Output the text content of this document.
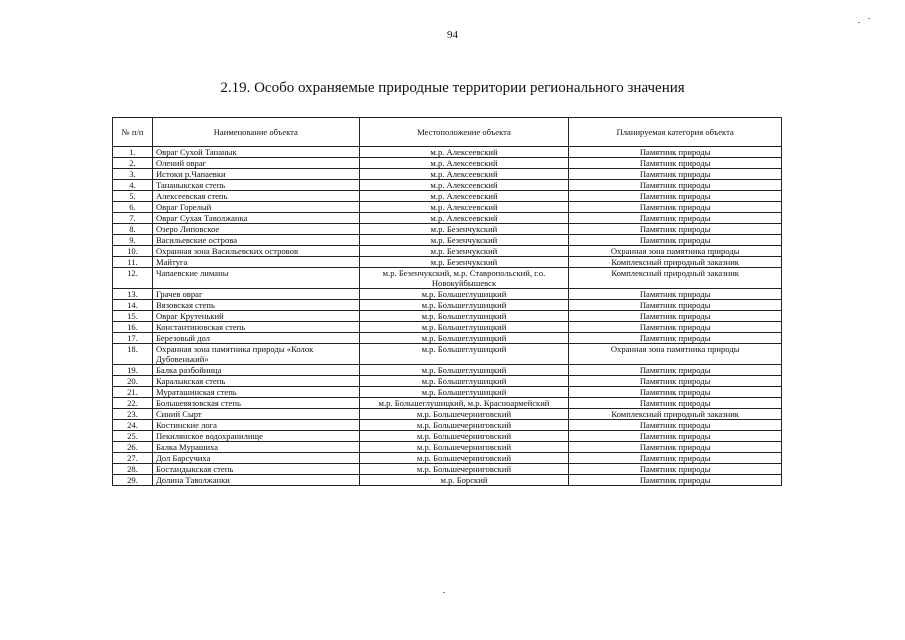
94
2.19. Особо охраняемые природные территории регионального значения
№ п/п	Наименование объекта	Местоположение объекта	Планируемая категория объекта
1.	Овраг Сухой Тананык	м.р. Алексеевский	Памятник природы
2.	Олений овраг	м.р. Алексеевский	Памятник природы
3.	Истоки р.Чапаевки	м.р. Алексеевский	Памятник природы
4.	Тананыкская степь	м.р. Алексеевский	Памятник природы
5.	Алексеевская степь	м.р. Алексеевский	Памятник природы
6.	Овраг Горелый	м.р. Алексеевский	Памятник природы
7.	Овраг Сухая Таволжанка	м.р. Алексеевский	Памятник природы
8.	Озеро Липовское	м.р. Безенчукский	Памятник природы
9.	Васильевские острова	м.р. Безенчукский	Памятник природы
10.	Охранная зона Васильевских островов	м.р. Безенчукский	Охранная зона памятника природы
11.	Майтуга	м.р. Безенчукский	Комплексный природный заказник
12.	Чапаевские лиманы	м.р. Безенчукский, м.р. Ставропольский, г.о. Новокуйбышевск	Комплексный природный заказник
13.	Грачев овраг	м.р. Большеглушицкий	Памятник природы
14.	Вязовская степь	м.р. Большеглушицкий	Памятник природы
15.	Овраг Крутенький	м.р. Большеглушицкий	Памятник природы
16.	Константиновская степь	м.р. Большеглушицкий	Памятник природы
17.	Березовый дол	м.р. Большеглушицкий	Памятник природы
18.	Охранная зона памятника природы «Колок Дубовенький»	м.р. Большеглушицкий	Охранная зона памятника природы
19.	Балка разбойница	м.р. Большеглушицкий	Памятник природы
20.	Каралыкская степь	м.р. Большеглушицкий	Памятник природы
21.	Мураташинская степь	м.р. Большеглушицкий	Памятник природы
22.	Большевязовская степь	м.р. Большеглушицкий, м.р. Красноармейский	Памятник природы
23.	Синий Сырт	м.р. Большечерниговский	Комплексный природный заказник
24.	Костинские лога	м.р. Большечерниговский	Памятник природы
25.	Пекилянское водохранилище	м.р. Большечерниговский	Памятник природы
26.	Балка Мурашиха	м.р. Большечерниговский	Памятник природы
27.	Дол Барсучиха	м.р. Большечерниговский	Памятник природы
28.	Бостандыкская степь	м.р. Большечерниговский	Памятник природы
29.	Долина Таволжанки	м.р. Борский	Памятник природы
